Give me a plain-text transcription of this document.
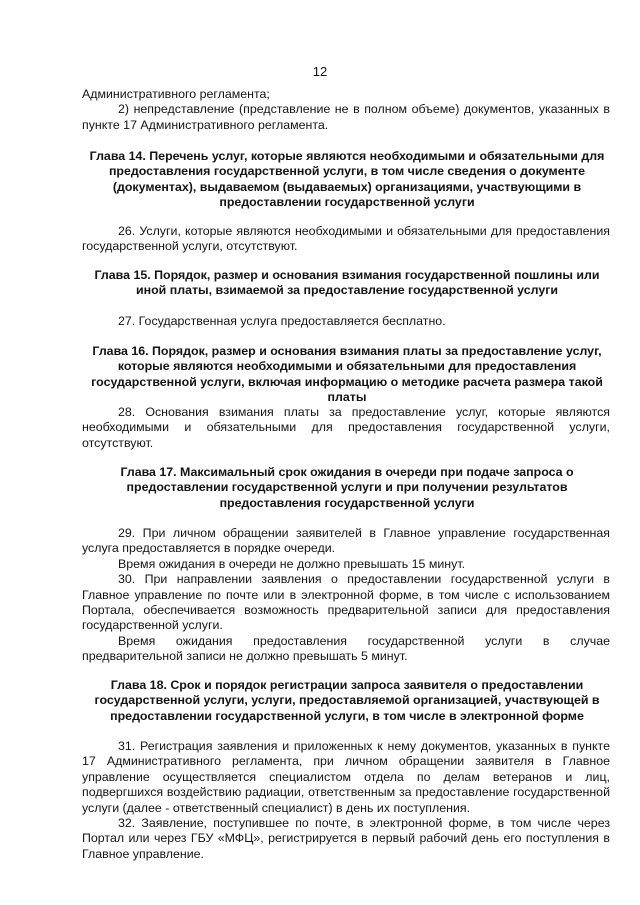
12

Административного регламента;

2) непредставление (представление не в полном объеме) документов, указанных в пункте 17 Административного регламента.

Глава 14. Перечень услуг, которые являются необходимыми и обязательными для предоставления государственной услуги, в том числе сведения о документе (документах), выдаваемом (выдаваемых) организациями, участвующими в предоставлении государственной услуги

26. Услуги, которые являются необходимыми и обязательными для предоставления государственной услуги, отсутствуют.

Глава 15. Порядок, размер и основания взимания государственной пошлины или иной платы, взимаемой за предоставление государственной услуги

27. Государственная услуга предоставляется бесплатно.

Глава 16. Порядок, размер и основания взимания платы за предоставление услуг, которые являются необходимыми и обязательными для предоставления государственной услуги, включая информацию о методике расчета размера такой платы

28. Основания взимания платы за предоставление услуг, которые являются необходимыми и обязательными для предоставления государственной услуги, отсутствуют.

Глава 17. Максимальный срок ожидания в очереди при подаче запроса о предоставлении государственной услуги и при получении результатов предоставления государственной услуги

29. При личном обращении заявителей в Главное управление государственная услуга предоставляется в порядке очереди.

Время ожидания в очереди не должно превышать 15 минут.

30. При направлении заявления о предоставлении государственной услуги в Главное управление по почте или в электронной форме, в том числе с использованием Портала, обеспечивается возможность предварительной записи для предоставления государственной услуги.

Время ожидания предоставления государственной услуги в случае предварительной записи не должно превышать 5 минут.

Глава 18. Срок и порядок регистрации запроса заявителя о предоставлении государственной услуги, услуги, предоставляемой организацией, участвующей в предоставлении государственной услуги, в том числе в электронной форме

31. Регистрация заявления и приложенных к нему документов, указанных в пункте 17 Административного регламента, при личном обращении заявителя в Главное управление осуществляется специалистом отдела по делам ветеранов и лиц, подвергшихся воздействию радиации, ответственным за предоставление государственной услуги (далее - ответственный специалист) в день их поступления.

32. Заявление, поступившее по почте, в электронной форме, в том числе через Портал или через ГБУ «МФЦ», регистрируется в первый рабочий день его поступления в Главное управление.
